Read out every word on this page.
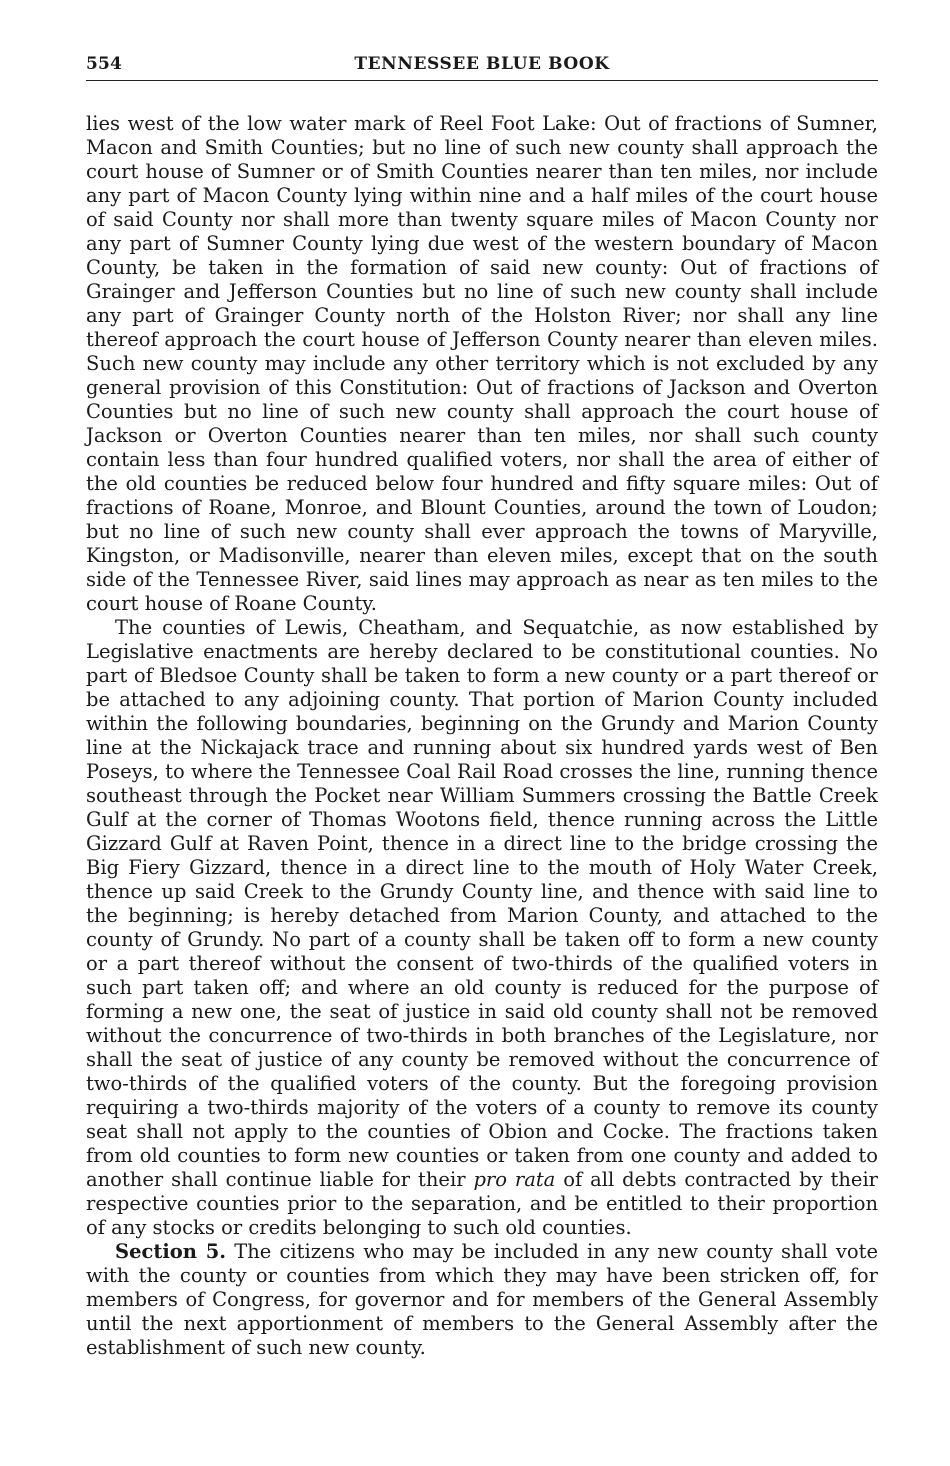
554	TENNESSEE BLUE BOOK

lies west of the low water mark of Reel Foot Lake: Out of fractions of Sumner, Macon and Smith Counties; but no line of such new county shall approach the court house of Sumner or of Smith Counties nearer than ten miles, nor include any part of Macon County lying within nine and a half miles of the court house of said County nor shall more than twenty square miles of Macon County nor any part of Sumner County lying due west of the western boundary of Macon County, be taken in the formation of said new county: Out of fractions of Grainger and Jefferson Counties but no line of such new county shall include any part of Grainger County north of the Holston River; nor shall any line thereof approach the court house of Jefferson County nearer than eleven miles. Such new county may include any other territory which is not excluded by any general provision of this Constitution: Out of fractions of Jackson and Overton Counties but no line of such new county shall approach the court house of Jackson or Overton Counties nearer than ten miles, nor shall such county contain less than four hundred qualified voters, nor shall the area of either of the old counties be reduced below four hundred and fifty square miles: Out of fractions of Roane, Monroe, and Blount Counties, around the town of Loudon; but no line of such new county shall ever approach the towns of Maryville, Kingston, or Madisonville, nearer than eleven miles, except that on the south side of the Tennessee River, said lines may approach as near as ten miles to the court house of Roane County.

The counties of Lewis, Cheatham, and Sequatchie, as now established by Legislative enactments are hereby declared to be constitutional counties. No part of Bledsoe County shall be taken to form a new county or a part thereof or be attached to any adjoining county. That portion of Marion County included within the following boundaries, beginning on the Grundy and Marion County line at the Nickajack trace and running about six hundred yards west of Ben Poseys, to where the Tennessee Coal Rail Road crosses the line, running thence southeast through the Pocket near William Summers crossing the Battle Creek Gulf at the corner of Thomas Wootons field, thence running across the Little Gizzard Gulf at Raven Point, thence in a direct line to the bridge crossing the Big Fiery Gizzard, thence in a direct line to the mouth of Holy Water Creek, thence up said Creek to the Grundy County line, and thence with said line to the beginning; is hereby detached from Marion County, and attached to the county of Grundy. No part of a county shall be taken off to form a new county or a part thereof without the consent of two-thirds of the qualified voters in such part taken off; and where an old county is reduced for the purpose of forming a new one, the seat of justice in said old county shall not be removed without the concurrence of two-thirds in both branches of the Legislature, nor shall the seat of justice of any county be removed without the concurrence of two-thirds of the qualified voters of the county. But the foregoing provision requiring a two-thirds majority of the voters of a county to remove its county seat shall not apply to the counties of Obion and Cocke. The fractions taken from old counties to form new counties or taken from one county and added to another shall continue liable for their pro rata of all debts contracted by their respective counties prior to the separation, and be entitled to their proportion of any stocks or credits belonging to such old counties.

Section 5. The citizens who may be included in any new county shall vote with the county or counties from which they may have been stricken off, for members of Congress, for governor and for members of the General Assembly until the next apportionment of members to the General Assembly after the establishment of such new county.
